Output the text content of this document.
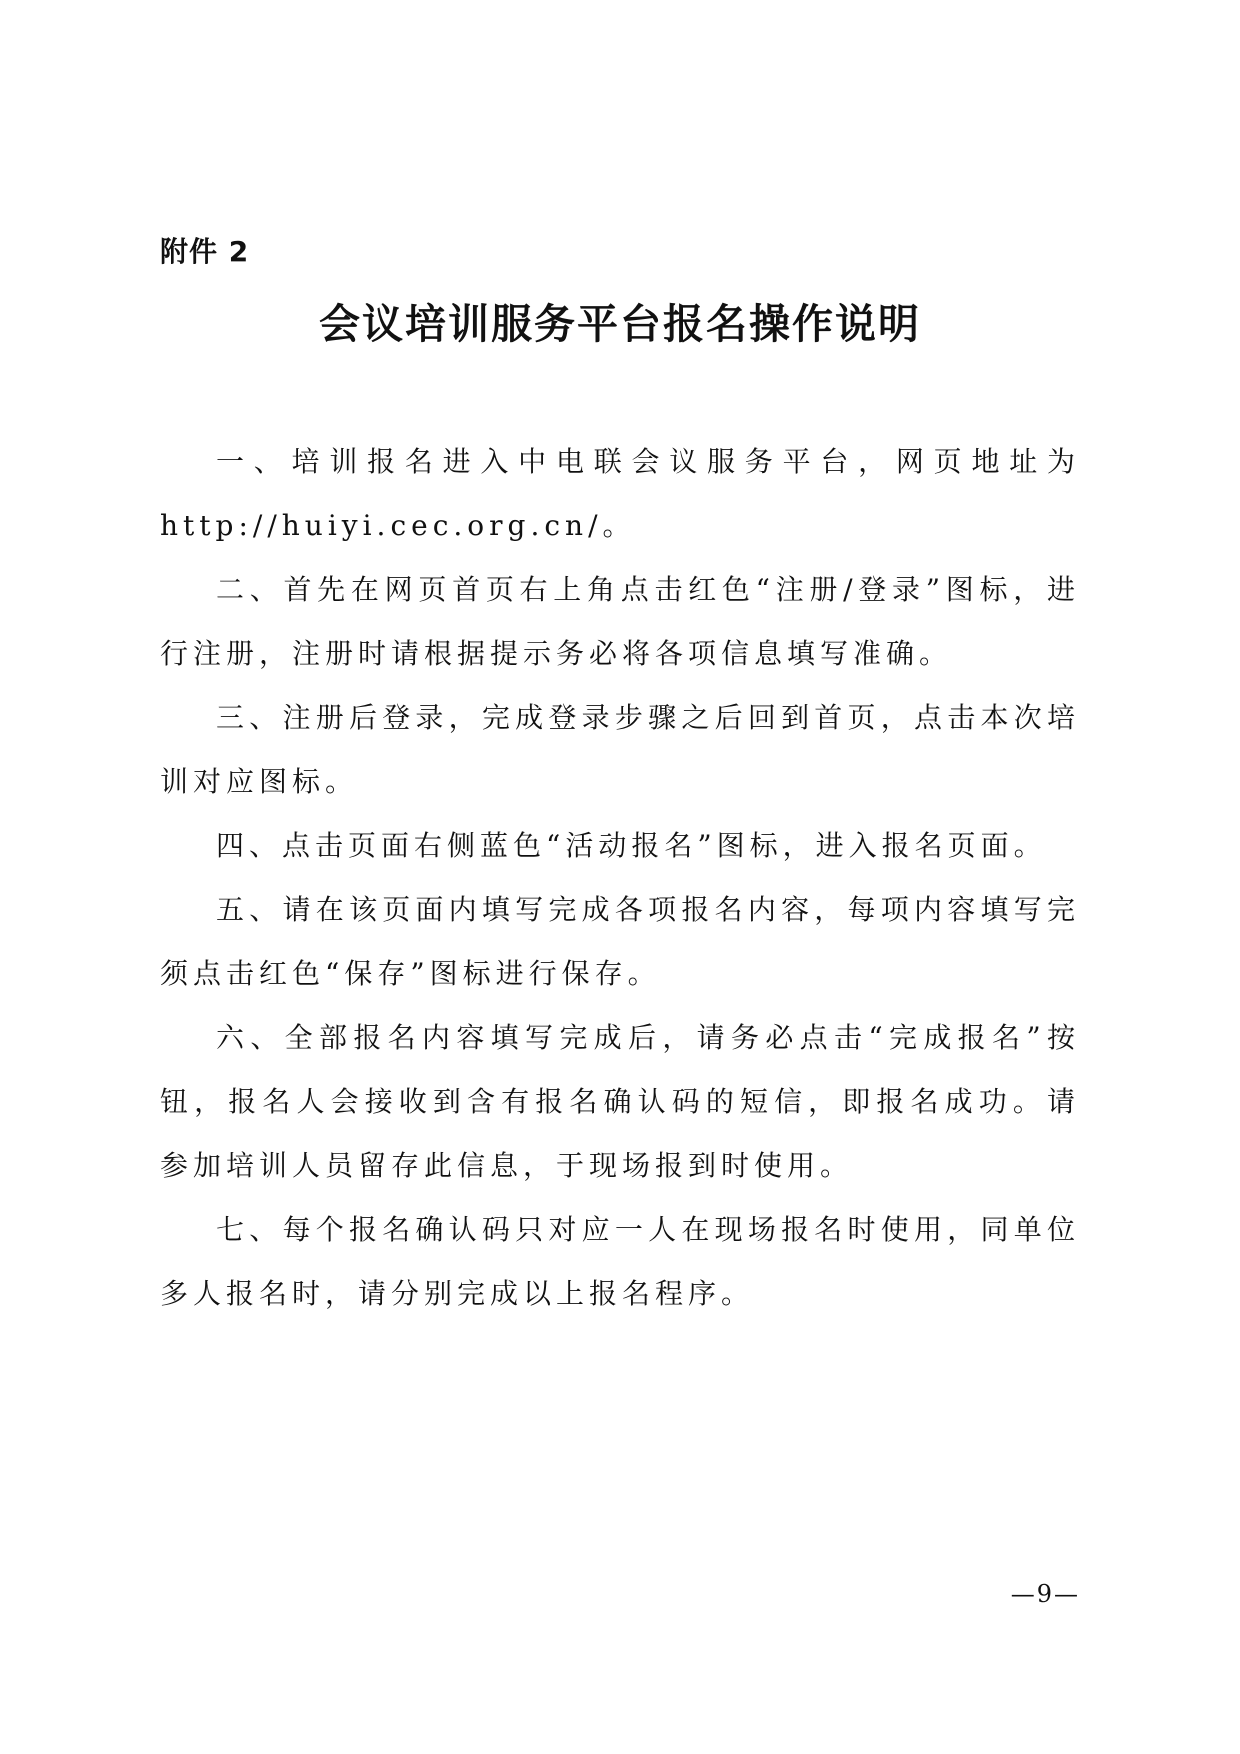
附件 2
会议培训服务平台报名操作说明

一、培训报名进入中电联会议服务平台，网页地址为 http://huiyi.cec.org.cn/。

二、首先在网页首页右上角点击红色“注册/登录”图标，进行注册，注册时请根据提示务必将各项信息填写准确。

三、注册后登录，完成登录步骤之后回到首页，点击本次培训对应图标。

四、点击页面右侧蓝色“活动报名”图标，进入报名页面。

五、请在该页面内填写完成各项报名内容，每项内容填写完须点击红色“保存”图标进行保存。

六、全部报名内容填写完成后，请务必点击“完成报名”按钮，报名人会接收到含有报名确认码的短信，即报名成功。请参加培训人员留存此信息，于现场报到时使用。

七、每个报名确认码只对应一人在现场报名时使用，同单位多人报名时，请分别完成以上报名程序。

—9—
